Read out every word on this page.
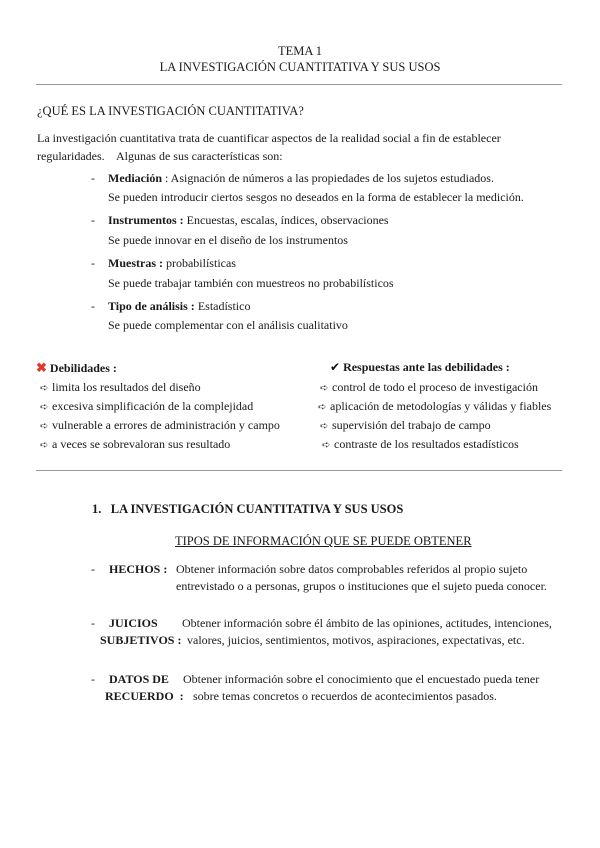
TEMA 1
LA INVESTIGACIÓN CUANTITATIVA Y SUS USOS
¿QUÉ ES LA INVESTIGACIÓN CUANTITATIVA?
La investigación cuantitativa trata de cuantificar aspectos de la realidad social a fin de establecer
regularidades.    Algunas de sus características son:
- Mediación : Asignación de números a las propiedades de los sujetos estudiados.
Se pueden introducir ciertos sesgos no deseados en la forma de establecer la medición.
- Instrumentos : Encuestas, escalas, índices, observaciones
Se puede innovar en el diseño de los instrumentos
- Muestras : probabilísticas
Se puede trabajar también con muestreos no probabilísticos
- Tipo de análisis : Estadístico
Se puede complementar con el análisis cualitativo
✖ Debilidades :
➪ limita los resultados del diseño
➪ excesiva simplificación de la complejidad
➪ vulnerable a errores de administración y campo
➪ a veces se sobrevaloran sus resultado
✔ Respuestas ante las debilidades :
➪ control de todo el proceso de investigación
➪ aplicación de metodologías y válidas y fiables
➪ supervisión del trabajo de campo
➪ contraste de los resultados estadísticos
1. LA INVESTIGACIÓN CUANTITATIVA Y SUS USOS
TIPOS DE INFORMACIÓN QUE SE PUEDE OBTENER
- HECHOS : Obtener información sobre datos comprobables referidos al propio sujeto
entrevistado o a personas, grupos o instituciones que el sujeto pueda conocer.
- JUICIOS
SUBJETIVOS :
Obtener información sobre él ámbito de las opiniones, actitudes, intenciones,
valores, juicios, sentimientos, motivos, aspiraciones, expectativas, etc.
- DATOS DE
RECUERDO  :
Obtener información sobre el conocimiento que el encuestado pueda tener
sobre temas concretos o recuerdos de acontecimientos pasados.
